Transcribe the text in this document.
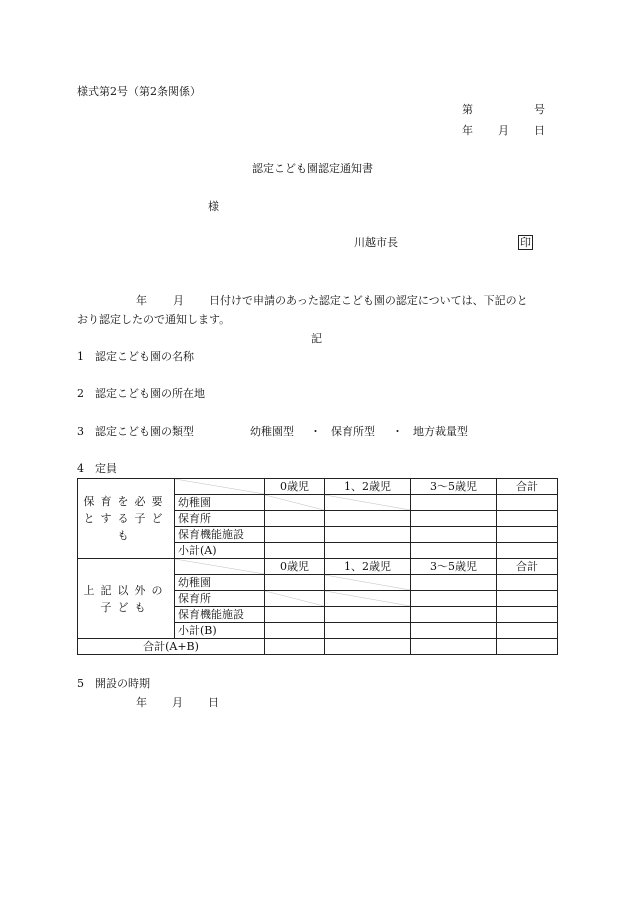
様式第2号（第2条関係）
第	号
年 月 日
認定こども園認定通知書
様
川越市長	印
年 月 日付けで申請のあった認定こども園の認定については、下記のと
おり認定したので通知します。
記
1 認定こども園の名称
2 認定こども園の所在地
3 認定こども園の類型	幼稚園型 ・ 保育所型 ・ 地方裁量型
4 定員
保育を必要とする子ども		0歳児	1、2歳児	3～5歳児	合計
	幼稚園	

	保育所				
	保育機能施設				
	小計(A)				
上記以外の子ども		0歳児	1、2歳児	3～5歳児	合計
	幼稚園		

	保育所	

	保育機能施設				
	小計(B)				
合計(A+B)					
5 開設の時期
年 月 日
